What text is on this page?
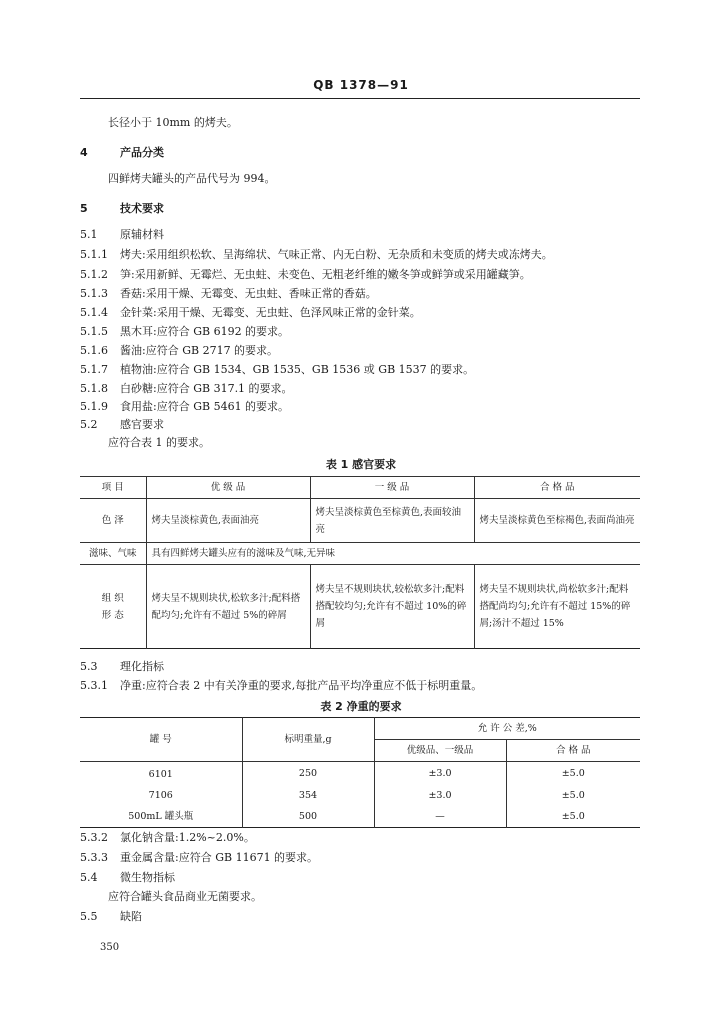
QB 1378—91
长径小于 10mm 的烤夫。
4	产品分类
四鲜烤夫罐头的产品代号为 994。
5	技术要求
5.1 原辅材料
5.1.1 烤夫:采用组织松软、呈海绵状、气味正常、内无白粉、无杂质和未变质的烤夫或冻烤夫。
5.1.2 笋:采用新鲜、无霉烂、无虫蛀、未变色、无粗老纤维的嫩冬笋或鲜笋或采用罐藏笋。
5.1.3 香菇:采用干燥、无霉变、无虫蛀、香味正常的香菇。
5.1.4 金针菜:采用干燥、无霉变、无虫蛀、色泽风味正常的金针菜。
5.1.5 黑木耳:应符合 GB 6192 的要求。
5.1.6 酱油:应符合 GB 2717 的要求。
5.1.7 植物油:应符合 GB 1534、GB 1535、GB 1536 或 GB 1537 的要求。
5.1.8 白砂糖:应符合 GB 317.1 的要求。
5.1.9 食用盐:应符合 GB 5461 的要求。
5.2 感官要求
应符合表 1 的要求。
表 1 感官要求
项 目	优 级 品	一 级 品	合 格 品
色 泽	烤夫呈淡棕黄色,表面油亮	烤夫呈淡棕黄色至棕黄色,表面较油亮	烤夫呈淡棕黄色至棕褐色,表面尚油亮
滋味、气味	具有四鲜烤夫罐头应有的滋味及气味,无异味		
组 织
形 态	烤夫呈不规则块状,松软多汁;配料搭配均匀;允许有不超过 5%的碎屑	烤夫呈不规则块状,较松软多汁;配料搭配较均匀;允许有不超过 10%的碎屑	烤夫呈不规则块状,尚松软多汁;配料搭配尚均匀;允许有不超过 15%的碎屑;汤汁不超过 15%
5.3 理化指标
5.3.1 净重:应符合表 2 中有关净重的要求,每批产品平均净重应不低于标明重量。
表 2 净重的要求
罐 号	标明重量,g	允 许 公 差,%	
		优级品、一级品	合 格 品
6101	250	±3.0	±5.0
7106	354	±3.0	±5.0
500mL 罐头瓶	500	—	±5.0
5.3.2 氯化钠含量:1.2%~2.0%。
5.3.3 重金属含量:应符合 GB 11671 的要求。
5.4 微生物指标
应符合罐头食品商业无菌要求。
5.5 缺陷
350
